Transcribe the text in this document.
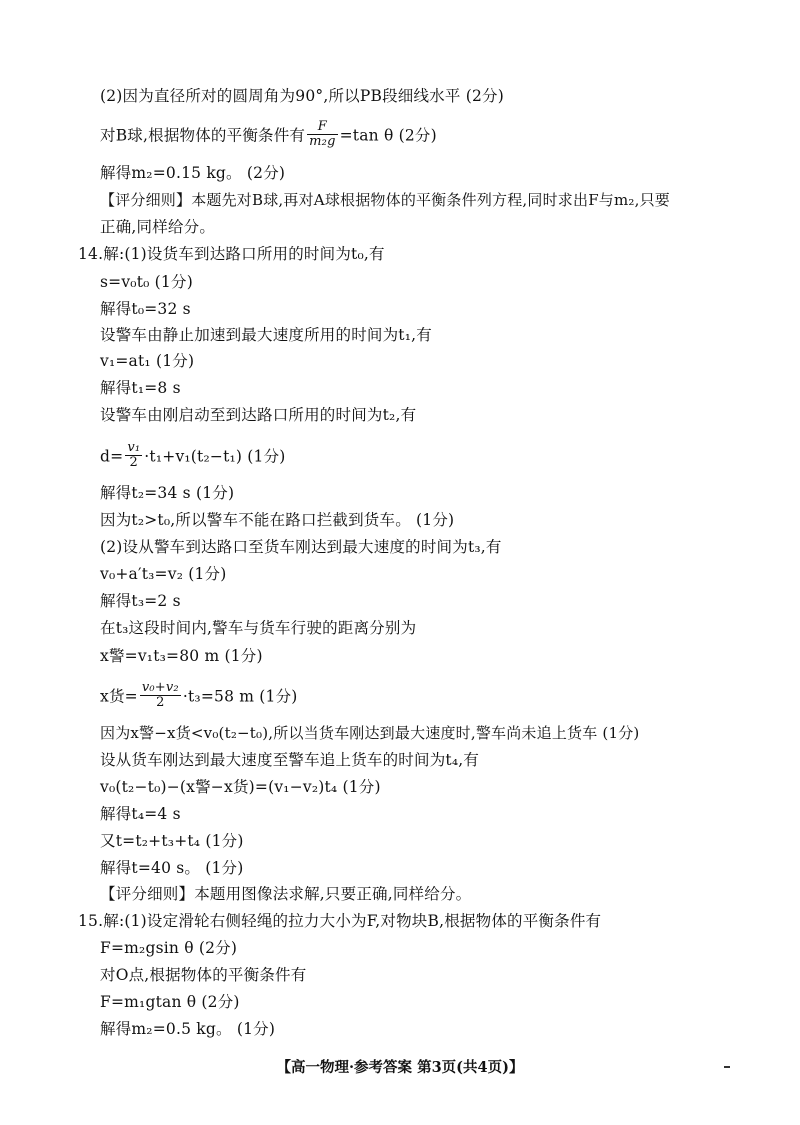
(2)因为直径所对的圆周角为90°,所以PB段细线水平 (2分)
对B球,根据物体的平衡条件有 $\frac{F}{\text{m₂g}} =\tan$ θ (2分)
解得m₂=0.15 kg。 (2分)
【评分细则】本题先对B球,再对A球根据物体的平衡条件列方程,同时求出F与m₂,只要
正确,同样给分。
14.解:(1)设货车到达路口所用的时间为t₀,有
s=v₀t₀ (1分)
解得t₀=32 s
设警车由静止加速到最大速度所用的时间为t₁,有
v₁=at₁ (1分)
解得t₁=8 s
设警车由刚启动至到达路口所用的时间为t₂,有
$d= \frac{\text{v₁}}{2} \cdot t_1+v_1(t_2-t_1)$ (1分)
解得t₂=34 s (1分)
因为t₂>t₀,所以警车不能在路口拦截到货车。 (1分)
(2)设从警车到达路口至货车刚达到最大速度的时间为t₃,有
v₀+a′t₃=v₂ (1分)
解得t₃=2 s
在t₃这段时间内,警车与货车行驶的距离分别为
x警=v₁t₃=80 m (1分)
x货= $\frac{\text{v₀+v₂}}{2} \cdot t_3=58$ m (1分)
因为x警−x货<v₀(t₂−t₀),所以当货车刚达到最大速度时,警车尚未追上货车 (1分)
设从货车刚达到最大速度至警车追上货车的时间为t₄,有
v₀(t₂−t₀)−(x警−x货)=(v₁−v₂)t₄ (1分)
解得t₄=4 s
又t=t₂+t₃+t₄ (1分)
解得t=40 s。 (1分)
【评分细则】本题用图像法求解,只要正确,同样给分。
15.解:(1)设定滑轮右侧轻绳的拉力大小为F,对物块B,根据物体的平衡条件有
F=m₂gsin θ (2分)
对O点,根据物体的平衡条件有
F=m₁gtan θ (2分)
解得m₂=0.5 kg。 (1分)
【高一物理·参考答案 第3页(共4页)】
